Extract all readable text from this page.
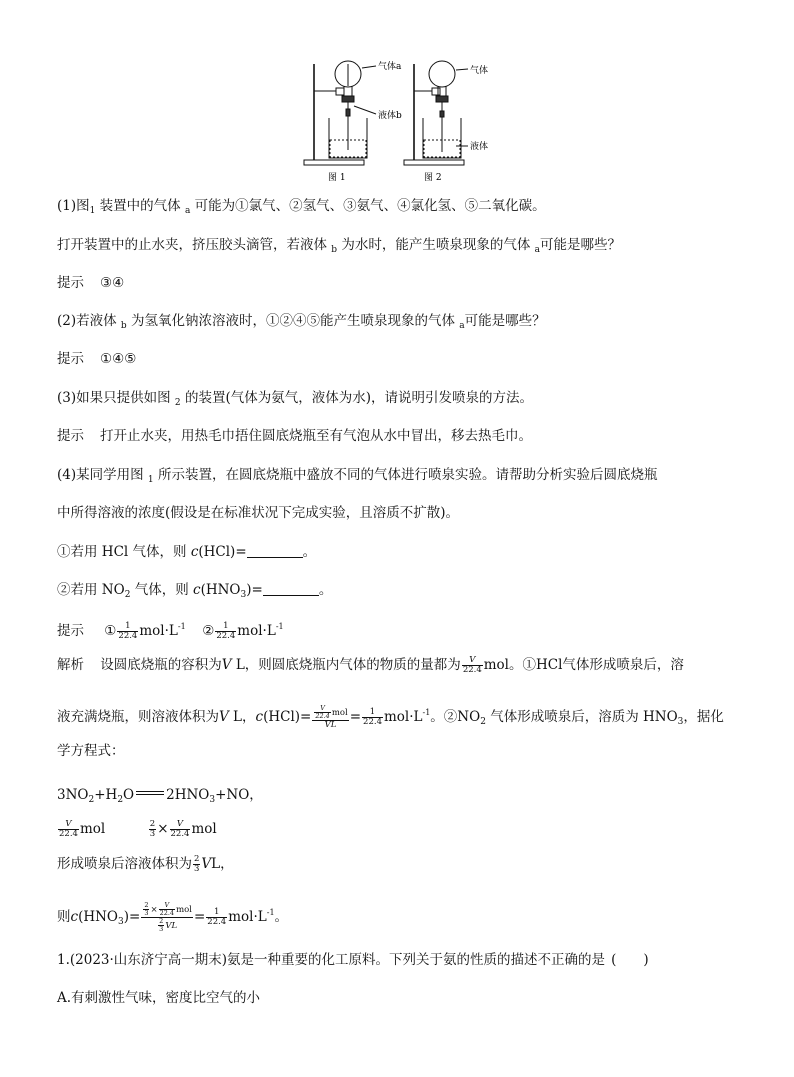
气体a
液体b
图 1
气体
液体
图 2
(1)图$_1$ 装置中的气体 $_a$ 可能为①氯气、②氢气、③氨气、④氯化氢、⑤二氧化碳。
打开装置中的止水夹，挤压胶头滴管，若液体 $_b$ 为水时，能产生喷泉现象的气体 $_a$可能是哪些？
提示 ③④
(2)若液体 $_b$ 为氢氧化钠浓溶液时，①②④⑤能产生喷泉现象的气体 $_a$可能是哪些？
提示 ①④⑤
(3)如果只提供如图 $_2$ 的装置(气体为氨气，液体为水)，请说明引发喷泉的方法。
提示 打开止水夹，用热毛巾捂住圆底烧瓶至有气泡从水中冒出，移去热毛巾。
(4)某同学用图 $_1$ 所示装置，在圆底烧瓶中盛放不同的气体进行喷泉实验。请帮助分析实验后圆底烧瓶
中所得溶液的浓度(假设是在标准状况下完成实验，且溶质不扩散)。
①若用 HCl 气体，则 c(HCl)=	。
②若用 $NO_2$ 气体，则 $c(HNO_3)=$	。
提示 ① $\frac{1}{22.4} mol\cdot L^{-1}$ ② $\frac{1}{22.4} mol\cdot L^{-1}$
解析 设圆底烧瓶的容积为V L，则圆底烧瓶内气体的物质的量都为 $\frac{V}{22.4}$ mol。①HCl气体形成喷泉后，溶
液充满烧瓶，则溶液体积为V L，$c(HCl)= \frac{\frac{V}{22.4} mol}{VL} = \frac{1}{22.4} mol\cdot L^{-1}$。$②NO_2$ 气体形成喷泉后，溶质为 $HNO_3$，据化
学方程式：
$3NO_2+H_2O$ $2HNO_3+NO$，
$\frac{V}{22.4}$ mol	$\frac{2}{3} \times \frac{V}{22.4}$ mol
形成喷泉后溶液体积为 $\frac{2}{3}$ VL，
则$c(HNO_3)= \frac{\frac{2}{3} \times \frac{V}{22.4} mol}{\frac{2}{3} VL} = \frac{1}{22.4} mol\cdot L^{-1}$。
1.(2023·山东济宁高一期末)氨是一种重要的化工原料。下列关于氨的性质的描述不正确的是 (　　)
A.有刺激性气味，密度比空气的小
